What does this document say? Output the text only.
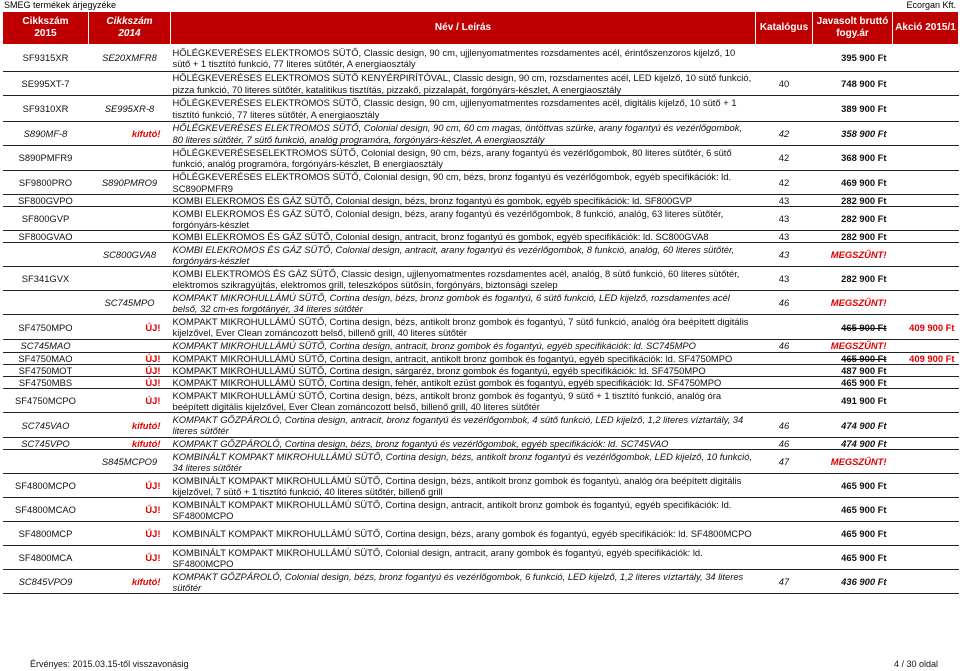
SMEG termékek árjegyzéke	Ecorgan Kft.
Cikkszám
2015	Cikkszám
2014	Név / Leírás	Katalógus	Javasolt bruttó
fogy.ár	Akció 2015/1
SF9315XR	SE20XMFR8	HŐLÉGKEVERÉSES ELEKTROMOS SÜTŐ, Classic design, 90 cm, ujjlenyomatmentes rozsdamentes acél, érintőszenzoros kijelző, 10 sütő + 1 tisztító funkció, 77 literes sütőtér, A energiaosztály		395 900 Ft	
SE995XT-7		HŐLÉGKEVERÉSES ELEKTROMOS SÜTŐ KENYÉRPIRÍTÓVAL, Classic design, 90 cm, rozsdamentes acél, LED kijelző, 10 sütő funkció, pizza funkció, 70 literes sütőtér, katalitikus tisztítás, pizzakő, pizzalapát, forgónyárs-készlet, A energiaosztály	40	748 900 Ft	
SF9310XR	SE995XR-8	HŐLÉGKEVERÉSES ELEKTROMOS SÜTŐ, Classic design, 90 cm, ujjlenyomatmentes rozsdamentes acél, digitális kijelző, 10 sütő + 1 tisztító funkció, 77 literes sütőtér, A energiaosztály		389 900 Ft	
S890MF-8	kifutó!	HŐLÉGKEVERÉSES ELEKTROMOS SÜTŐ, Colonial design, 90 cm, 60 cm magas, öntöttvas szürke, arany fogantyú és vezérlőgombok, 80 literes sütőtér, 7 sütő funkció, analóg programóra, forgónyárs-készlet, A energiaosztály	42	358 900 Ft	
S890PMFR9		HŐLÉGKEVERÉSESELEKTROMOS SÜTŐ, Colonial design, 90 cm, bézs, arany fogantyú és vezérlőgombok, 80 literes sütőtér, 6 sütő funkció, analóg programóra, forgónyárs-készlet, B energiaosztály	42	368 900 Ft	
SF9800PRO	S890PMRO9	HŐLÉGKEVERÉSES ELEKTROMOS SÜTŐ, Colonial design, 90 cm, bézs, bronz fogantyú és vezérlőgombok, egyéb specifikációk: ld. SC890PMFR9	42	469 900 Ft	
SF800GVPO		KOMBI ELEKROMOS ÉS GÁZ SÜTŐ, Colonial design, bézs, bronz fogantyú és gombok, egyéb specifikációk: ld. SF800GVP	43	282 900 Ft	
SF800GVP		KOMBI ELEKROMOS ÉS GÁZ SÜTŐ, Colonial design, bézs, arany fogantyú és vezérlőgombok, 8 funkció, analóg, 63 literes sütőtér, forgónyárs-készlet	43	282 900 Ft	
SF800GVAO		KOMBI ELEKROMOS ÉS GÁZ SÜTŐ, Colonial design, antracit, bronz fogantyú és gombok, egyéb specifikációk: ld. SC800GVA8	43	282 900 Ft	
	SC800GVA8	KOMBI ELEKROMOS ÉS GÁZ SÜTŐ, Colonial design, antracit, arany fogantyú és vezérlőgombok, 8 funkció, analóg, 60 literes sütőtér, forgónyárs-készlet	43	MEGSZŰNT!	
SF341GVX		KOMBI ELEKTROMOS ÉS GÁZ SÜTŐ, Classic design, ujjlenyomatmentes rozsdamentes acél, analóg, 8 sütő funkció, 60 literes sütőtér, elektromos szikragyújtás, elektromos grill, teleszkópos sütősín, forgónyárs, biztonsági szelep	43	282 900 Ft	
	SC745MPO	KOMPAKT MIKROHULLÁMÚ SÜTŐ, Cortina design, bézs, bronz gombok és fogantyú, 6 sütő funkció, LED kijelző, rozsdamentes acél belső, 32 cm-es forgótányér, 34 literes sütőtér	46	MEGSZŰNT!	
SF4750MPO	ÚJ!	KOMPAKT MIKROHULLÁMÚ SÜTŐ, Cortina design, bézs, antikolt bronz gombok és fogantyú, 7 sütő funkció, analóg óra beépített digitális kijelzővel, Ever Clean zománcozott belső, billenő grill, 40 literes sütőtér		465 900 Ft	409 900 Ft
SC745MAO		KOMPAKT MIKROHULLÁMÚ SÜTŐ, Cortina design, antracit, bronz gombok és fogantyú, egyéb specifikációk: ld. SC745MPO	46	MEGSZŰNT!	
SF4750MAO	ÚJ!	KOMPAKT MIKROHULLÁMÚ SÜTŐ, Cortina design, antracit, antikolt bronz gombok és fogantyú, egyéb specifikációk: ld. SF4750MPO		465 900 Ft	409 900 Ft
SF4750MOT	ÚJ!	KOMPAKT MIKROHULLÁMÚ SÜTŐ, Cortina design, sárgaréz, bronz gombok és fogantyú, egyéb specifikációk: ld. SF4750MPO		487 900 Ft	
SF4750MBS	ÚJ!	KOMPAKT MIKROHULLÁMÚ SÜTŐ, Cortina design, fehér, antikolt ezüst gombok és fogantyú, egyéb specifikációk: ld. SF4750MPO		465 900 Ft	
SF4750MCPO	ÚJ!	KOMPAKT MIKROHULLÁMÚ SÜTŐ, Cortina design, bézs, antikolt bronz gombok és fogantyú, 9 sütő + 1 tisztító funkció, analóg óra beépített digitális kijelzővel, Ever Clean zománcozott belső, billenő grill, 40 literes sütőtér		491 900 Ft	
SC745VAO	kifutó!	KOMPAKT GŐZPÁROLÓ, Cortina design, antracit, bronz fogantyú és vezérlőgombok, 4 sütő funkció, LED kijelző, 1,2 literes víztartály, 34 literes sütőtér	46	474 900 Ft	
SC745VPO	kifutó!	KOMPAKT GŐZPÁROLÓ, Cortina design, bézs, bronz fogantyú és vezérlőgombok, egyéb specifikációk: ld. SC745VAO	46	474 900 Ft	
	S845MCPO9	KOMBINÁLT KOMPAKT MIKROHULLÁMÚ SÜTŐ, Cortina design, bézs, antikolt bronz fogantyú és vezérlőgombok, LED kijelző, 10 funkció, 34 literes sütőtér	47	MEGSZŰNT!	
SF4800MCPO	ÚJ!	KOMBINÁLT KOMPAKT MIKROHULLÁMÚ SÜTŐ, Cortina design, bézs, antikolt bronz gombok és fogantyú, analóg óra beépített digitális kijelzővel, 7 sütő + 1 tisztító funkció, 40 literes sütőtér, billenő grill		465 900 Ft	
SF4800MCAO	ÚJ!	KOMBINÁLT KOMPAKT MIKROHULLÁMÚ SÜTŐ, Cortina design, antracit, antikolt bronz gombok és fogantyú, egyéb specifikációk: ld. SF4800MCPO		465 900 Ft	
SF4800MCP	ÚJ!	KOMBINÁLT KOMPAKT MIKROHULLÁMÚ SÜTŐ, Cortina design, bézs, arany gombok és fogantyú, egyéb specifikációk: ld. SF4800MCPO		465 900 Ft	
SF4800MCA	ÚJ!	KOMBINÁLT KOMPAKT MIKROHULLÁMÚ SÜTŐ, Colonial design, antracit, arany gombok és fogantyú, egyéb specifikációk: ld. SF4800MCPO		465 900 Ft	
SC845VPO9	kifutó!	KOMPAKT GŐZPÁROLÓ, Colonial design, bézs, bronz fogantyú és vezérlőgombok, 6 funkció, LED kijelző, 1,2 literes víztartály, 34 literes sütőtér	47	436 900 Ft	
Érvényes: 2015.03.15-től visszavonásig	4 / 30 oldal
